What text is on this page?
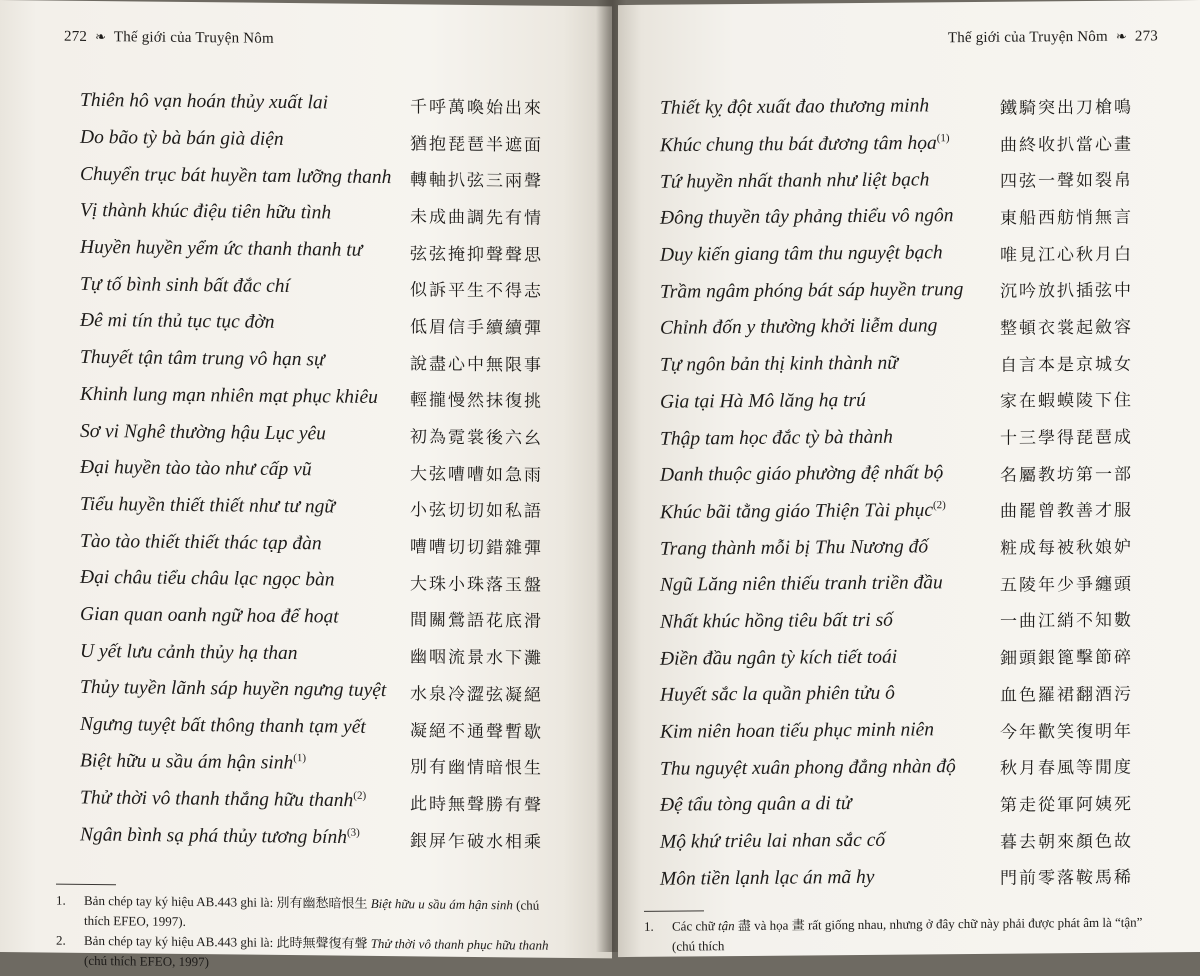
272 ❧ Thế giới của Truyện Nôm
Thiên hô vạn hoán thủy xuất lai	千呼萬喚始出來
Do bão tỳ bà bán già diện	猶抱琵琶半遮面
Chuyển trục bát huyền tam lưỡng thanh 轉軸扒弦三兩聲
Vị thành khúc điệu tiên hữu tình	未成曲調先有情
Huyền huyền yểm ức thanh thanh tư	弦弦掩抑聲聲思
Tự tố bình sinh bất đắc chí	似訴平生不得志
Đê mi tín thủ tục tục đờn	低眉信手續續彈
Thuyết tận tâm trung vô hạn sự	說盡心中無限事
Khinh lung mạn nhiên mạt phục khiêu 輕攏慢然抹復挑
Sơ vi Nghê thường hậu Lục yêu	初為霓裳後六幺
Đại huyền tào tào như cấp vũ	大弦嘈嘈如急雨
Tiểu huyền thiết thiết như tư ngữ	小弦切切如私語
Tào tào thiết thiết thác tạp đàn	嘈嘈切切錯雜彈
Đại châu tiểu châu lạc ngọc bàn	大珠小珠落玉盤
Gian quan oanh ngữ hoa để hoạt	間關鶯語花底滑
U yết lưu cảnh thủy hạ than	幽咽流景水下灘
Thủy tuyền lãnh sáp huyền ngưng tuyệt 水泉冷澀弦凝絕
Ngưng tuyệt bất thông thanh tạm yết	凝絕不通聲暫歇
Biệt hữu u sầu ám hận $\sinh^{(1)}$	別有幽情暗恨生
Thử thời vô thanh thắng hữu thanh$^{(2)}$	此時無聲勝有聲
Ngân bình sạ phá thủy tương bính$^{(3)}$	銀屏乍破水相乘
1.	Bản chép tay ký hiệu AB.443 ghi là: 別有幽愁暗恨生 Biệt hữu u sầu ám hận sinh (chú
thích EFEO, 1997).
2.	Bản chép tay ký hiệu AB.443 ghi là: 此時無聲復有聲 Thử thời vô thanh phục hữu thanh
(chú thích EFEO, 1997)
Thế giới của Truyện Nôm ❧ 273
Thiết kỵ đột xuất đao thương minh	鐵騎突出刀槍鳴
Khúc chung thu bát đương tâm họa$^{(1)}$	曲終收扒當心畫
Tứ huyền nhất thanh như liệt bạch	四弦一聲如裂帛
Đông thuyền tây phảng thiểu vô ngôn	東船西舫悄無言
Duy kiến giang tâm thu nguyệt bạch	唯見江心秋月白
Trầm ngâm phóng bát sáp huyền trung 沉吟放扒插弦中
Chỉnh đốn y thường khởi liễm dung	整頓衣裳起斂容
Tự ngôn bản thị kinh thành nữ	自言本是京城女
Gia tại Hà Mô lăng hạ trú	家在蝦蟆陵下住
Thập tam học đắc tỳ bà thành	十三學得琵琶成
Danh thuộc giáo phường đệ nhất bộ	名屬教坊第一部
Khúc bãi tằng giáo Thiện Tài phục$^{(2)}$	曲罷曾教善才服
Trang thành mỗi bị Thu Nương đố	粧成每被秋娘妒
Ngũ Lăng niên thiếu tranh triền đầu	五陵年少爭纏頭
Nhất khúc hồng tiêu bất tri số	一曲江綃不知數
Điền đầu ngân tỳ kích tiết toái	鈿頭銀篦擊節碎
Huyết sắc la quần phiên tửu ô	血色羅裙翻酒污
Kim niên hoan tiếu phục minh niên	今年歡笑復明年
Thu nguyệt xuân phong đẳng nhàn độ	秋月春風等閒度
Đệ tẩu tòng quân a di tử	第走從軍阿姨死
Mộ khứ triêu lai nhan sắc cố	暮去朝來顏色故
Môn tiền lạnh lạc án mã hy	門前零落鞍馬稀
1.	Các chữ tận 盡 và họa 畫 rất giống nhau, nhưng ở đây chữ này phải được phát âm là “tận”
(chú thích
